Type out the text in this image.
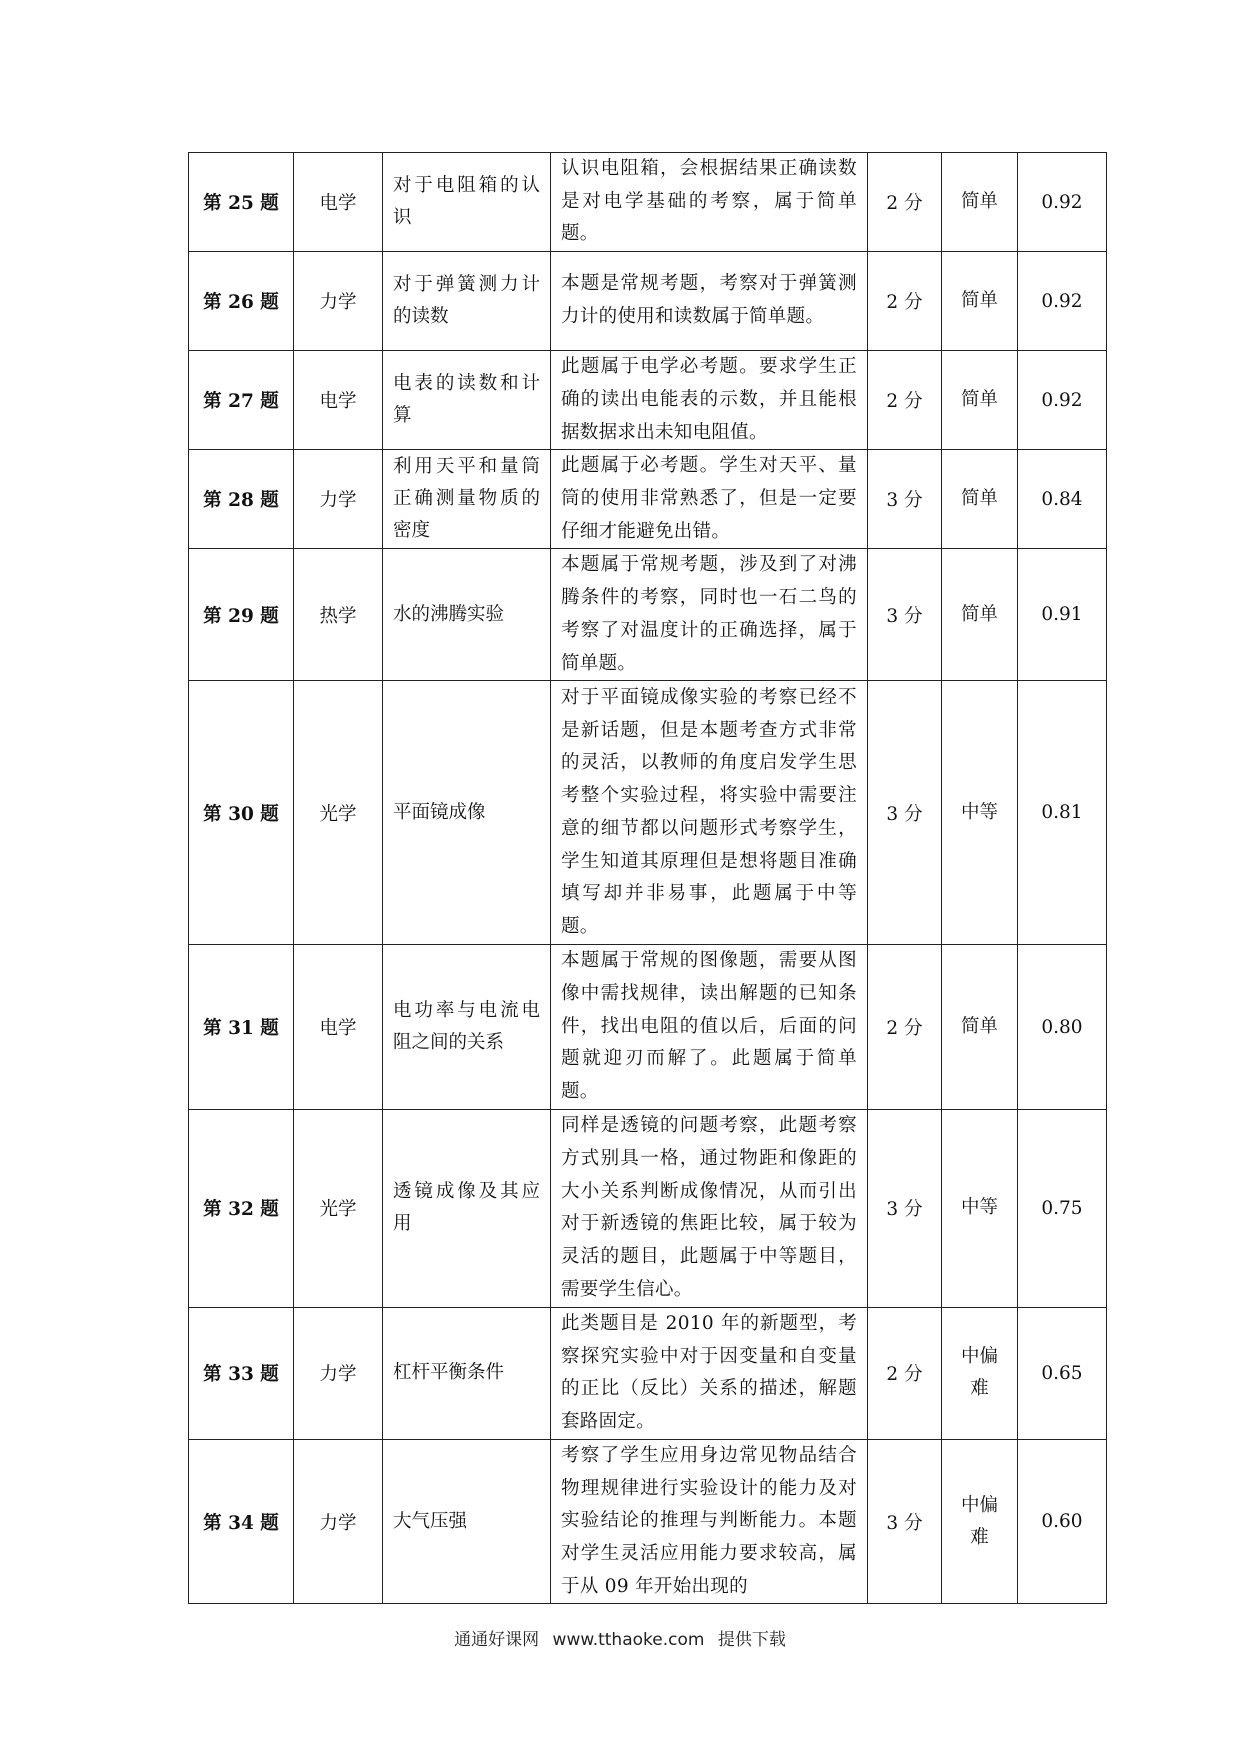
第 25 题	电学	对于电阻箱的认识	认识电阻箱，会根据结果正确读数是对电学基础的考察，属于简单题。	2 分	简单	0.92
第 26 题	力学	对于弹簧测力计的读数	本题是常规考题，考察对于弹簧测力计的使用和读数属于简单题。	2 分	简单	0.92
第 27 题	电学	电表的读数和计算	此题属于电学必考题。要求学生正确的读出电能表的示数，并且能根据数据求出未知电阻值。	2 分	简单	0.92
第 28 题	力学	利用天平和量筒正确测量物质的密度	此题属于必考题。学生对天平、量筒的使用非常熟悉了，但是一定要仔细才能避免出错。	3 分	简单	0.84
第 29 题	热学	水的沸腾实验	本题属于常规考题，涉及到了对沸腾条件的考察，同时也一石二鸟的考察了对温度计的正确选择，属于简单题。	3 分	简单	0.91
第 30 题	光学	平面镜成像	对于平面镜成像实验的考察已经不是新话题，但是本题考查方式非常的灵活，以教师的角度启发学生思考整个实验过程，将实验中需要注意的细节都以问题形式考察学生，学生知道其原理但是想将题目准确填写却并非易事，此题属于中等题。	3 分	中等	0.81
第 31 题	电学	电功率与电流电阻之间的关系	本题属于常规的图像题，需要从图像中需找规律，读出解题的已知条件，找出电阻的值以后，后面的问题就迎刃而解了。此题属于简单题。	2 分	简单	0.80
第 32 题	光学	透镜成像及其应用	同样是透镜的问题考察，此题考察方式别具一格，通过物距和像距的大小关系判断成像情况，从而引出对于新透镜的焦距比较，属于较为灵活的题目，此题属于中等题目，需要学生信心。	3 分	中等	0.75
第 33 题	力学	杠杆平衡条件	此类题目是 2010 年的新题型，考察探究实验中对于因变量和自变量的正比（反比）关系的描述，解题套路固定。	2 分	中偏难	0.65
第 34 题	力学	大气压强	考察了学生应用身边常见物品结合物理规律进行实验设计的能力及对实验结论的推理与判断能力。本题对学生灵活应用能力要求较高，属于从 09 年开始出现的	3 分	中偏难	0.60
通通好课网 www.tthaoke.com 提供下载
